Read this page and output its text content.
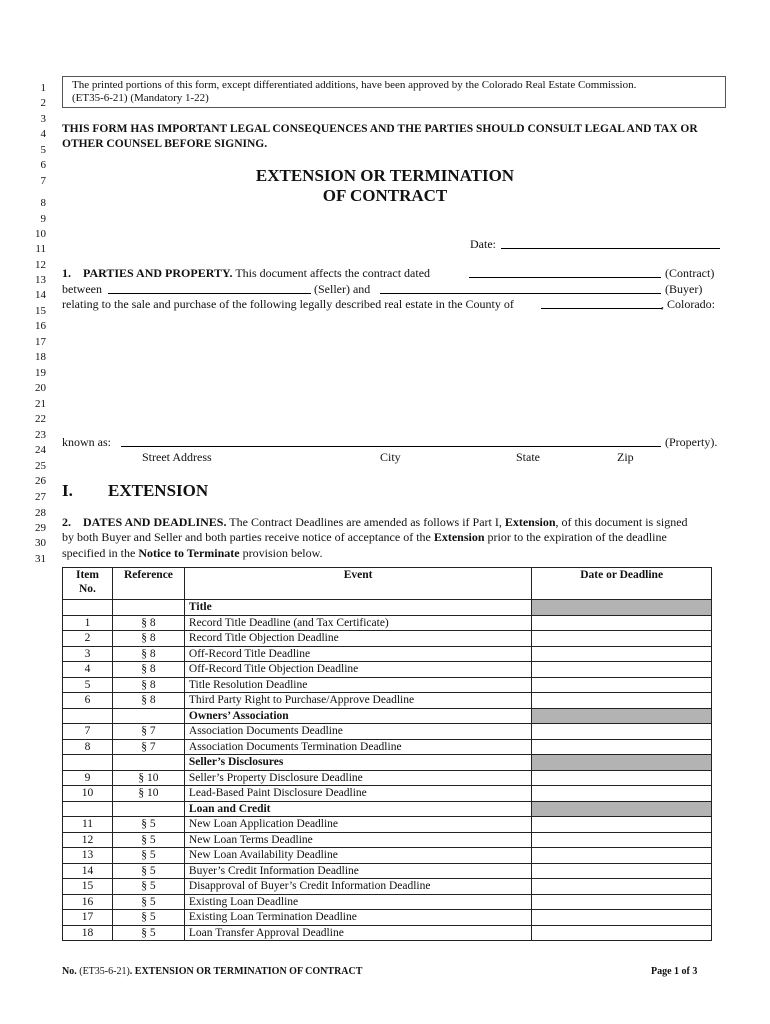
1
2
3
4
5
6
7
8
9
10
11
12
13
14
15
16
17
18
19
20
21
22
23
24
25
26
27
28
29
30
31
The printed portions of this form, except differentiated additions, have been approved by the Colorado Real Estate Commission.
(ET35-6-21) (Mandatory 1-22)
THIS FORM HAS IMPORTANT LEGAL CONSEQUENCES AND THE PARTIES SHOULD CONSULT LEGAL AND TAX OR
OTHER COUNSEL BEFORE SIGNING.
EXTENSION OR TERMINATION
OF CONTRACT
Date:
1.    PARTIES AND PROPERTY. This document affects the contract dated	(Contract)
between	(Seller) and	(Buyer)
relating to the sale and purchase of the following legally described real estate in the County of	, Colorado:
known as:	(Property).
Street Address	City	State	Zip
I. EXTENSION
2.    DATES AND DEADLINES. The Contract Deadlines are amended as follows if Part I, Extension, of this document is signed
by both Buyer and Seller and both parties receive notice of acceptance of the Extension prior to the expiration of the deadline
specified in the Notice to Terminate provision below.
Item No.	Reference	Event	Date or Deadline
		Title	
1	§ 8	Record Title Deadline (and Tax Certificate)	
2	§ 8	Record Title Objection Deadline	
3	§ 8	Off-Record Title Deadline	
4	§ 8	Off-Record Title Objection Deadline	
5	§ 8	Title Resolution Deadline	
6	§ 8	Third Party Right to Purchase/Approve Deadline	
		Owners’ Association	
7	§ 7	Association Documents Deadline	
8	§ 7	Association Documents Termination Deadline	
		Seller’s Disclosures	
9	§ 10	Seller’s Property Disclosure Deadline	
10	§ 10	Lead-Based Paint Disclosure Deadline	
		Loan and Credit	
11	§ 5	New Loan Application Deadline	
12	§ 5	New Loan Terms Deadline	
13	§ 5	New Loan Availability Deadline	
14	§ 5	Buyer’s Credit Information Deadline	
15	§ 5	Disapproval of Buyer’s Credit Information Deadline	
16	§ 5	Existing Loan Deadline	
17	§ 5	Existing Loan Termination Deadline	
18	§ 5	Loan Transfer Approval Deadline	
No. (ET35-6-21). EXTENSION OR TERMINATION OF CONTRACT	Page 1 of 3
